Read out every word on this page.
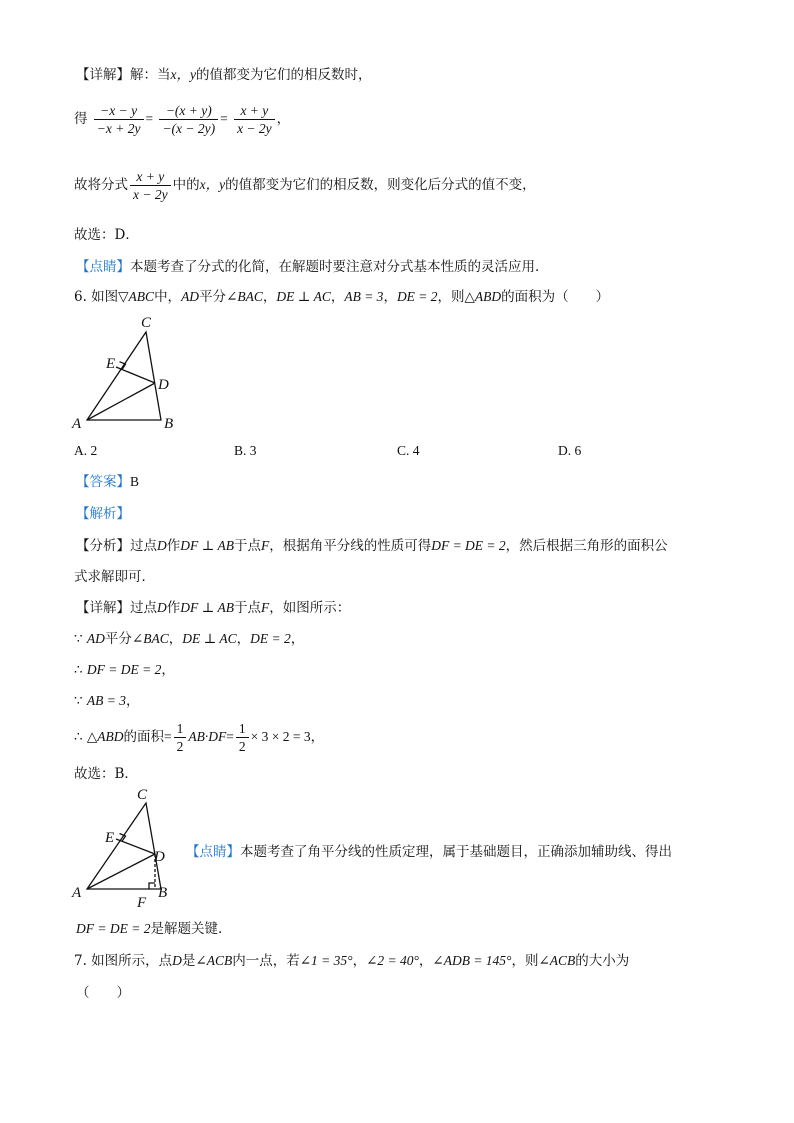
【详解】解：当x，y的值都变为它们的相反数时，
得 $\frac{-x - y}{-x + 2y} = \frac{-(x + y)}{-(x - 2y)} = \frac{x + y}{x - 2y}$ ，
故将分式 $\frac{x + y}{x - 2y}$ 中的x，y的值都变为它们的相反数，则变化后分式的值不变，
故选：D．
【点睛】本题考查了分式的化简，在解题时要注意对分式基本性质的灵活应用．
6. 如图▽ABC中，AD平分∠BAC，DE ⊥ AC，AB = 3，DE = 2，则△ABD的面积为（　　）
C
E
D
A	B
A. 2	B. 3	C. 4	D. 6
【答案】B
【解析】
【分析】过点D作DF ⊥ AB于点F，根据角平分线的性质可得DF = DE = 2，然后根据三角形的面积公
式求解即可．
【详解】过点D作DF ⊥ AB于点F，如图所示：
∵ AD平分∠BAC，DE ⊥ AC，DE = 2，
∴ DF = DE = 2，
∵ AB = 3，
∴ △ABD的面积= $\frac{1}{2} AB\cdot DF= \frac{1}{2} \times 3 \times 2 = 3$，
故选：B．
C
E
D
A	B
F
【点睛】本题考查了角平分线的性质定理，属于基础题目，正确添加辅助线、得出
DF = DE = 2是解题关键．
7. 如图所示，点D是∠ACB内一点，若∠1 = 35°，∠2 = 40°，∠ADB = 145°，则∠ACB的大小为
（　　）
